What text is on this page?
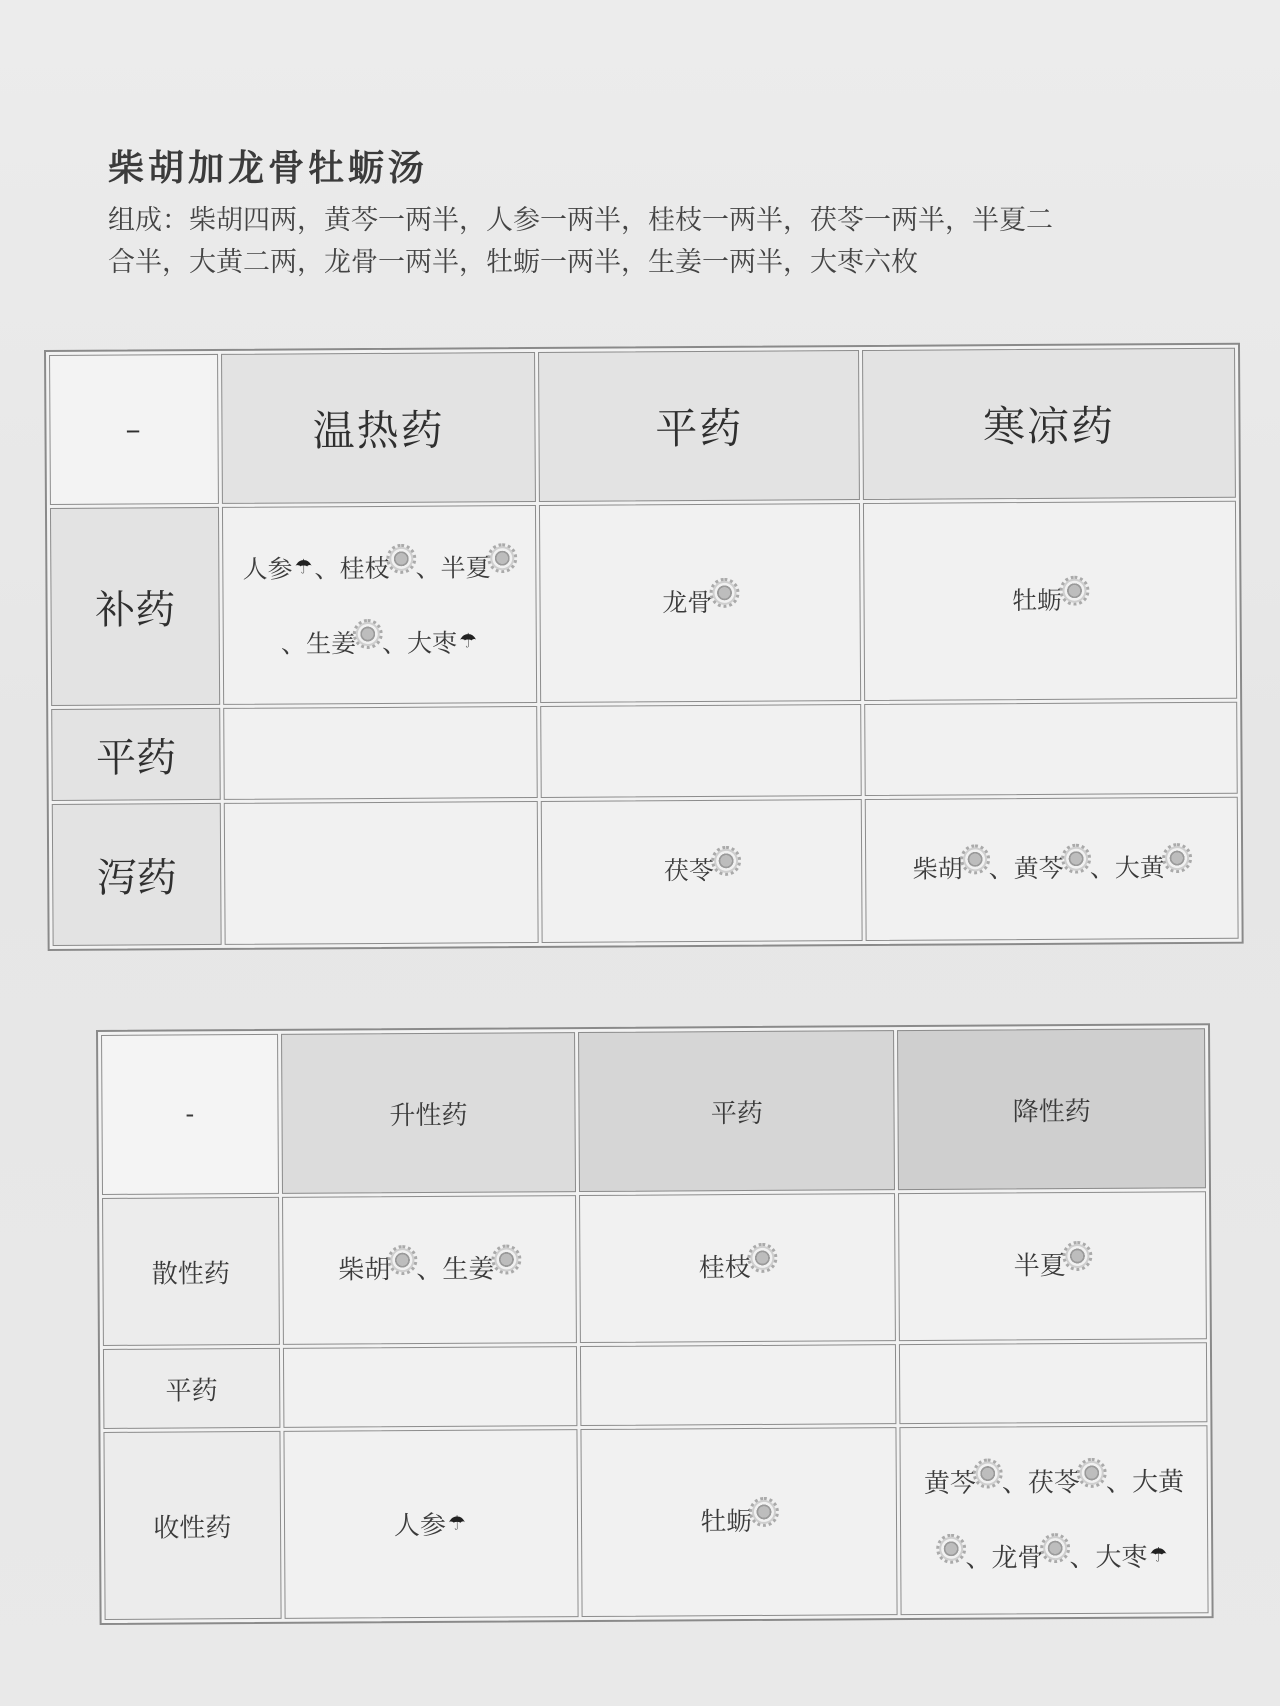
柴胡加龙骨牡蛎汤
组成：柴胡四两，黄芩一两半，人参一两半，桂枝一两半，茯苓一两半，半夏二
合半，大黄二两，龙骨一两半，牡蛎一两半，生姜一两半，大枣六枚
–	温热药	平药	寒凉药
补药	人参☂、桂枝 、半夏、生姜 、大枣☂	龙骨	牡蛎
平药			
泻药		茯苓	柴胡 、黄芩 、大黄
-	升性药	平药	降性药
散性药	柴胡 、生姜	桂枝	半夏
平药			
收性药	人参☂	牡蛎	黄芩 、茯苓 、大黄、龙骨 、大枣☂
